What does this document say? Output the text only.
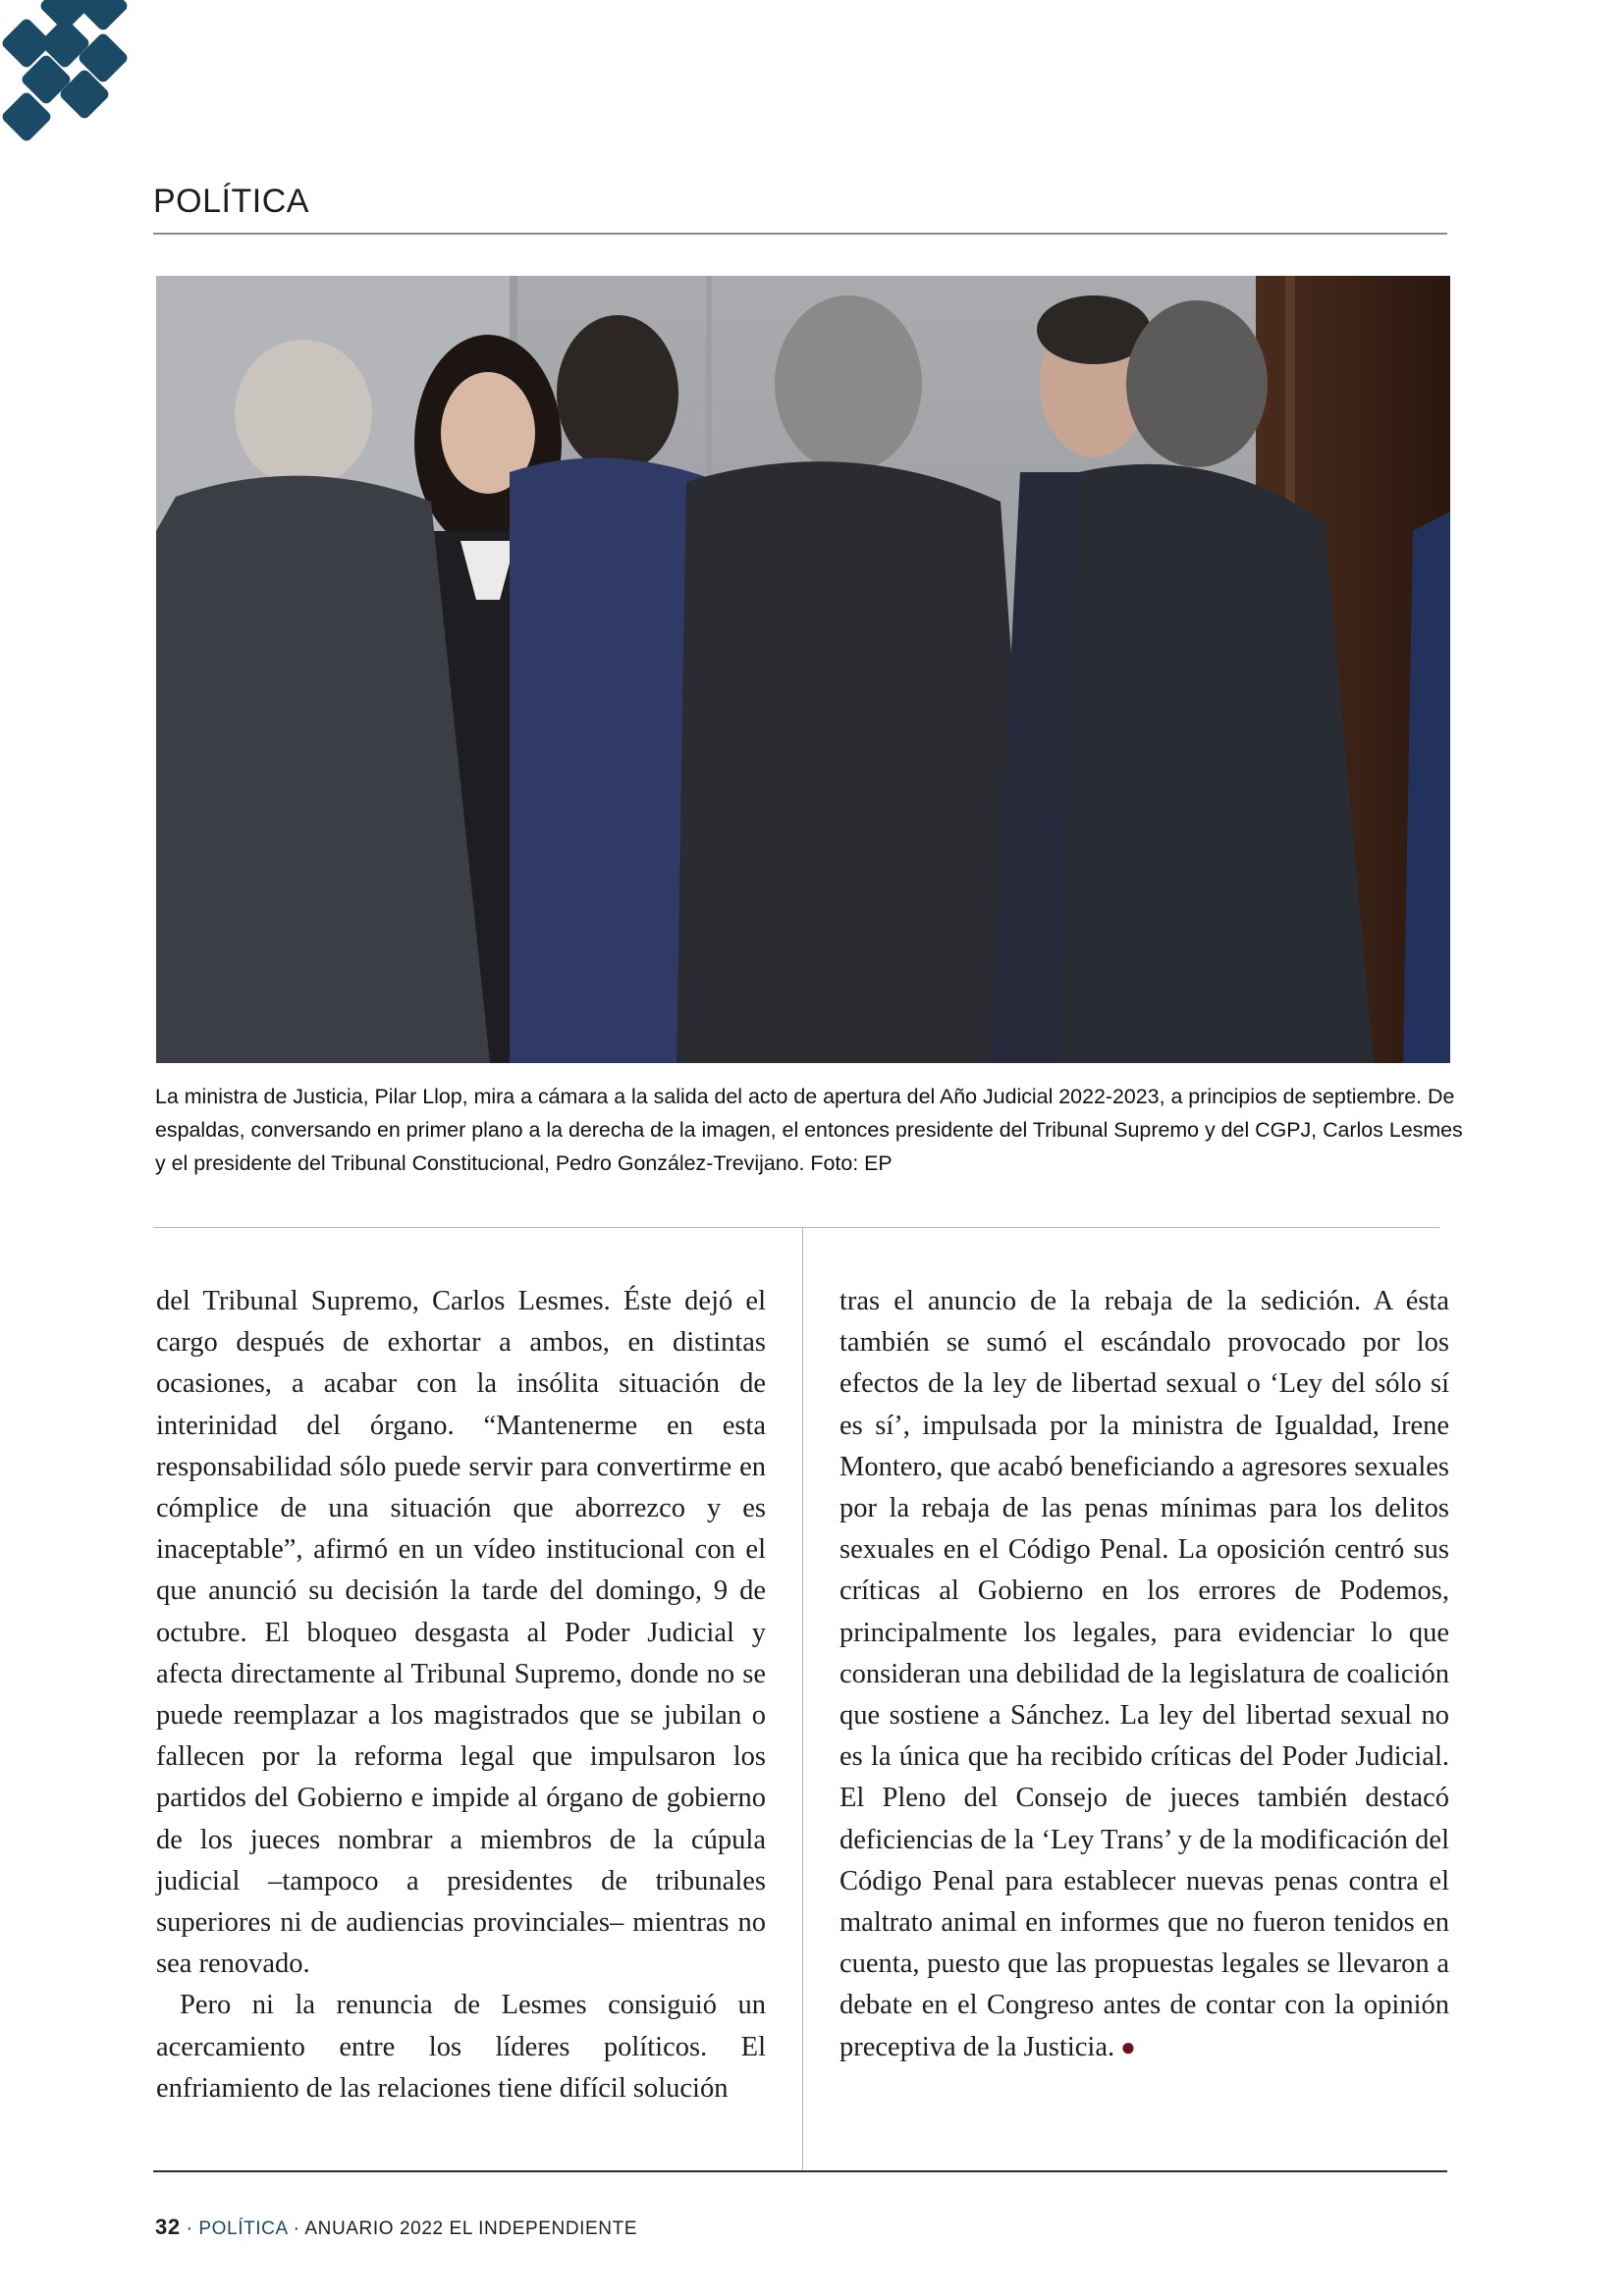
POLÍTICA
La ministra de Justicia, Pilar Llop, mira a cámara a la salida del acto de apertura del Año Judicial 2022-2023, a principios de septiembre. De espaldas, conversando en primer plano a la derecha de la imagen, el entonces presidente del Tribunal Supremo y del CGPJ, Carlos Lesmes y el presidente del Tribunal Constitucional, Pedro González-Trevijano. Foto: EP

del Tribunal Supremo, Carlos Lesmes. Éste dejó el cargo después de exhortar a ambos, en distintas ocasiones, a acabar con la insólita situación de interinidad del órgano. “Mantenerme en esta responsabilidad sólo puede servir para convertirme en cómplice de una situación que aborrezco y es inaceptable”, afirmó en un vídeo institucional con el que anunció su decisión la tarde del domingo, 9 de octubre. El bloqueo desgasta al Poder Judicial y afecta directamente al Tribunal Supremo, donde no se puede reemplazar a los magistrados que se jubilan o fallecen por la reforma legal que impulsaron los partidos del Gobierno e impide al órgano de gobierno de los jueces nombrar a miembros de la cúpula judicial –tampoco a presidentes de tribunales superiores ni de audiencias provinciales– mientras no sea renovado.

Pero ni la renuncia de Lesmes consiguió un acercamiento entre los líderes políticos. El enfriamiento de las relaciones tiene difícil solución

tras el anuncio de la rebaja de la sedición. A ésta también se sumó el escándalo provocado por los efectos de la ley de libertad sexual o ‘Ley del sólo sí es sí’, impulsada por la ministra de Igualdad, Irene Montero, que acabó beneficiando a agresores sexuales por la rebaja de las penas mínimas para los delitos sexuales en el Código Penal. La oposición centró sus críticas al Gobierno en los errores de Podemos, principalmente los legales, para evidenciar lo que consideran una debilidad de la legislatura de coalición que sostiene a Sánchez. La ley del libertad sexual no es la única que ha recibido críticas del Poder Judicial. El Pleno del Consejo de jueces también destacó deficiencias de la ‘Ley Trans’ y de la modificación del Código Penal para establecer nuevas penas contra el maltrato animal en informes que no fueron tenidos en cuenta, puesto que las propuestas legales se llevaron a debate en el Congreso antes de contar con la opinión preceptiva de la Justicia. ●

32 · POLÍTICA · ANUARIO 2022 EL INDEPENDIENTE
